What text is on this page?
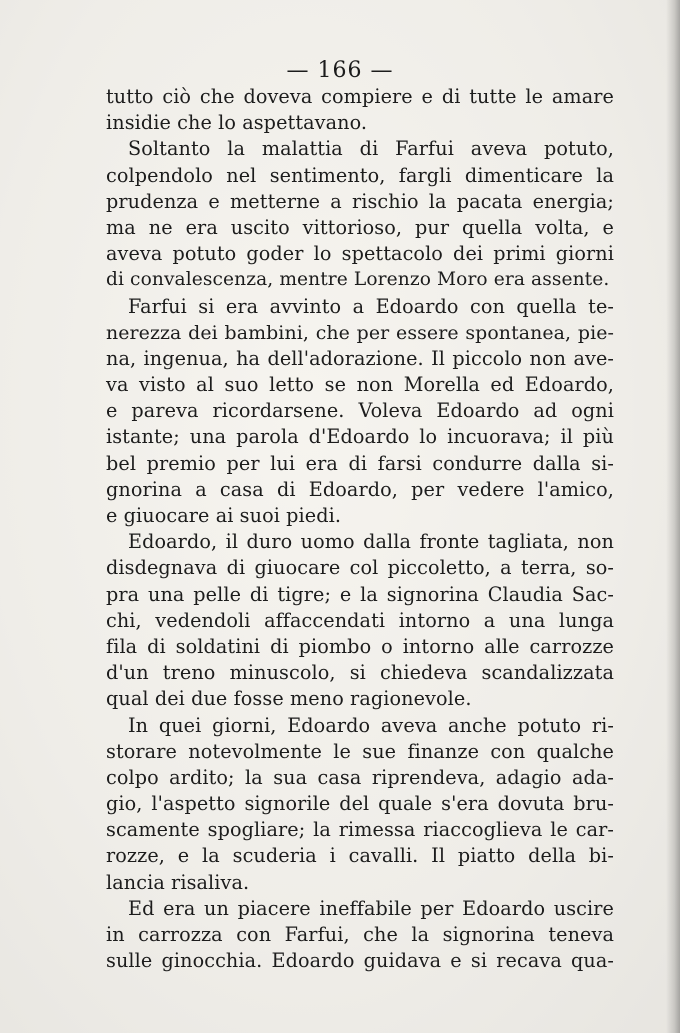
— 166 —
tutto ciò che doveva compiere e di tutte le amare
insidie che lo aspettavano.
Soltanto la malattia di Farfui aveva potuto,
colpendolo nel sentimento, fargli dimenticare la
prudenza e metterne a rischio la pacata energia;
ma ne era uscito vittorioso, pur quella volta, e
aveva potuto goder lo spettacolo dei primi giorni
di convalescenza, mentre Lorenzo Moro era assente.
Farfui si era avvinto a Edoardo con quella te-
nerezza dei bambini, che per essere spontanea, pie-
na, ingenua, ha dell'adorazione. Il piccolo non ave-
va visto al suo letto se non Morella ed Edoardo,
e pareva ricordarsene. Voleva Edoardo ad ogni
istante; una parola d'Edoardo lo incuorava; il più
bel premio per lui era di farsi condurre dalla si-
gnorina a casa di Edoardo, per vedere l'amico,
e giuocare ai suoi piedi.
Edoardo, il duro uomo dalla fronte tagliata, non
disdegnava di giuocare col piccoletto, a terra, so-
pra una pelle di tigre; e la signorina Claudia Sac-
chi, vedendoli affaccendati intorno a una lunga
fila di soldatini di piombo o intorno alle carrozze
d'un treno minuscolo, si chiedeva scandalizzata
qual dei due fosse meno ragionevole.
In quei giorni, Edoardo aveva anche potuto ri-
storare notevolmente le sue finanze con qualche
colpo ardito; la sua casa riprendeva, adagio ada-
gio, l'aspetto signorile del quale s'era dovuta bru-
scamente spogliare; la rimessa riaccoglieva le car-
rozze, e la scuderia i cavalli. Il piatto della bi-
lancia risaliva.
Ed era un piacere ineffabile per Edoardo uscire
in carrozza con Farfui, che la signorina teneva
sulle ginocchia. Edoardo guidava e si recava qua-
